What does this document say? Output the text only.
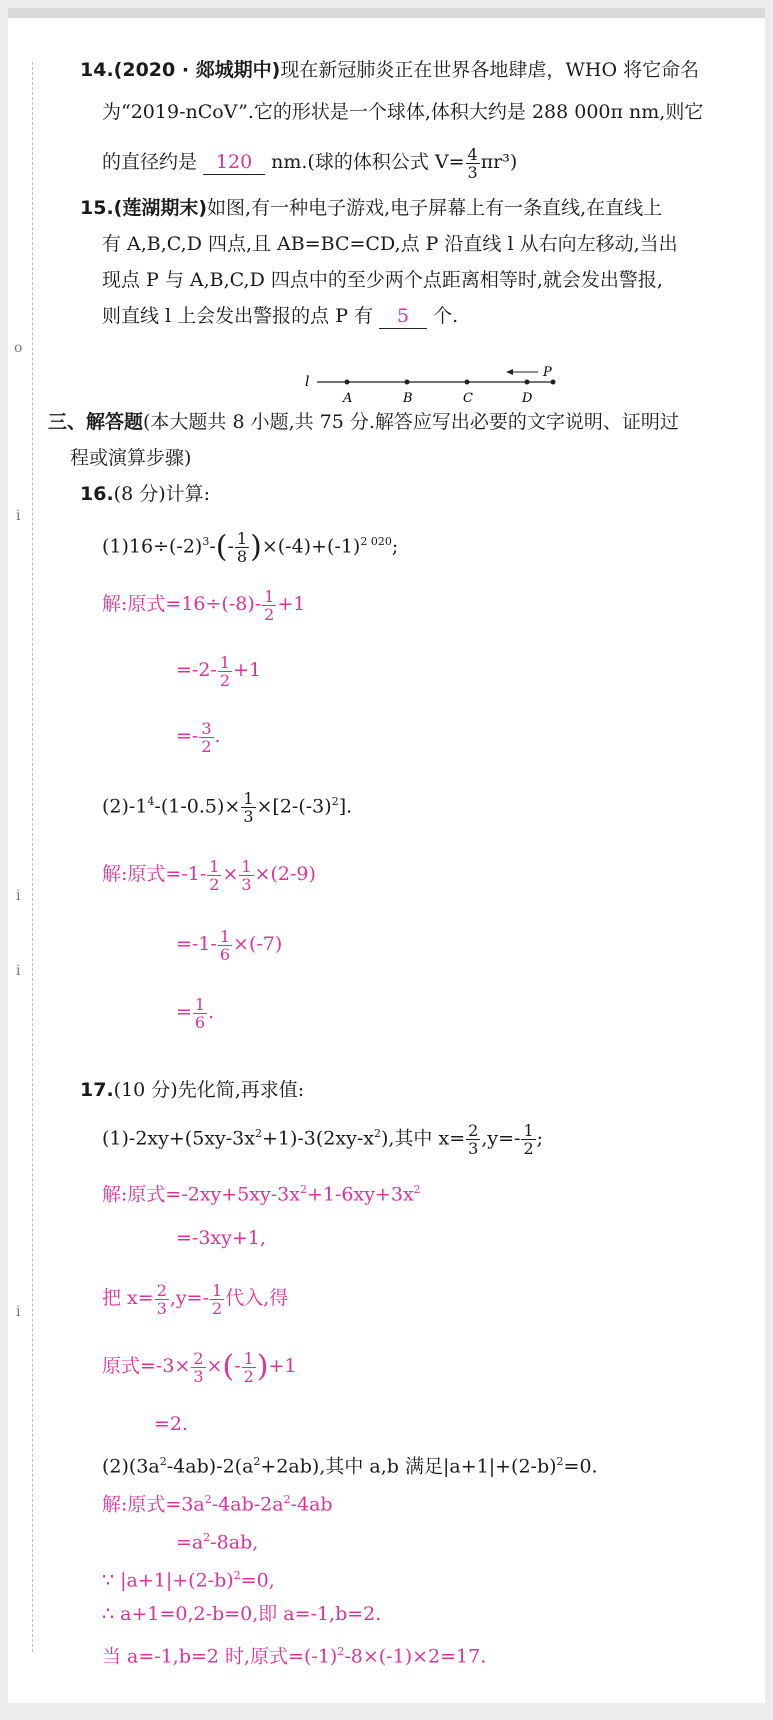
o
i
i
i
i
14.(2020 · 郯城期中)现在新冠肺炎正在世界各地肆虐，WHO 将它命名
为“2019-nCoV”.它的形状是一个球体,体积大约是 288 000π nm,则它
的直径约是 120 nm.(球的体积公式 $V= \frac{4}{3} \pi r^3$)
15.(莲湖期末)如图,有一种电子游戏,电子屏幕上有一条直线,在直线上
有 A,B,C,D 四点,且 AB=BC=CD,点 P 沿直线 l 从右向左移动,当出
现点 P 与 A,B,C,D 四点中的至少两个点距离相等时,就会发出警报,
则直线 l 上会发出警报的点 P 有 5 个.
l
P
A	B	C	D
三、解答题(本大题共 8 小题,共 75 分.解答应写出必要的文字说明、证明过
程或演算步骤)
16.(8 分)计算:
$(1)16\div(-2)^3-(- \frac{1}{8} )\times(-4)+(-1)^{2 020}$;
解:原式$=16\div(-8)- \frac{1}{2} +1$
$=-2- \frac{1}{2} +1$
=- $\frac{3}{2}$ .
$(2)-1^4-(1-0.5)\times \frac{1}{3} \times[2-(-3)^2]$.
解:原式$=-1- \frac{1}{2} \times \frac{1}{3} \times(2-9)$
$=-1- \frac{1}{6} \times(-7)$
= $\frac{1}{6}$ .
17.(10 分)先化简,再求值:
$(1)-2xy+(5xy-3x^2+1)-3(2xy-x^2)$,其中 $x= \frac{2}{3} ,y=- \frac{1}{2}$ ;
解:原式$=-2xy+5xy-3x^2+1-6xy+3x^2$
=-3xy+1,
把 $x= \frac{2}{3} ,y=- \frac{1}{2}$ 代入,得
原式$=-3\times \frac{2}{3}$ ×(- $\frac{1}{2} )+1$
=2.
$(2)(3a^2-4ab)-2(a^2+2ab)$,其中 a,b 满足$|a+1|+(2-b)^2=0$.
解:原式$=3a^2-4ab-2a^2-4ab$
$=a^2-8ab$,
∵ $|a+1|+(2-b)^2=0$,
∴ a+1=0,2-b=0,即 a=-1,b=2.
当 a=-1,b=2 时,原式$=(-1)^2-8\times(-1)\times 2=17$.
